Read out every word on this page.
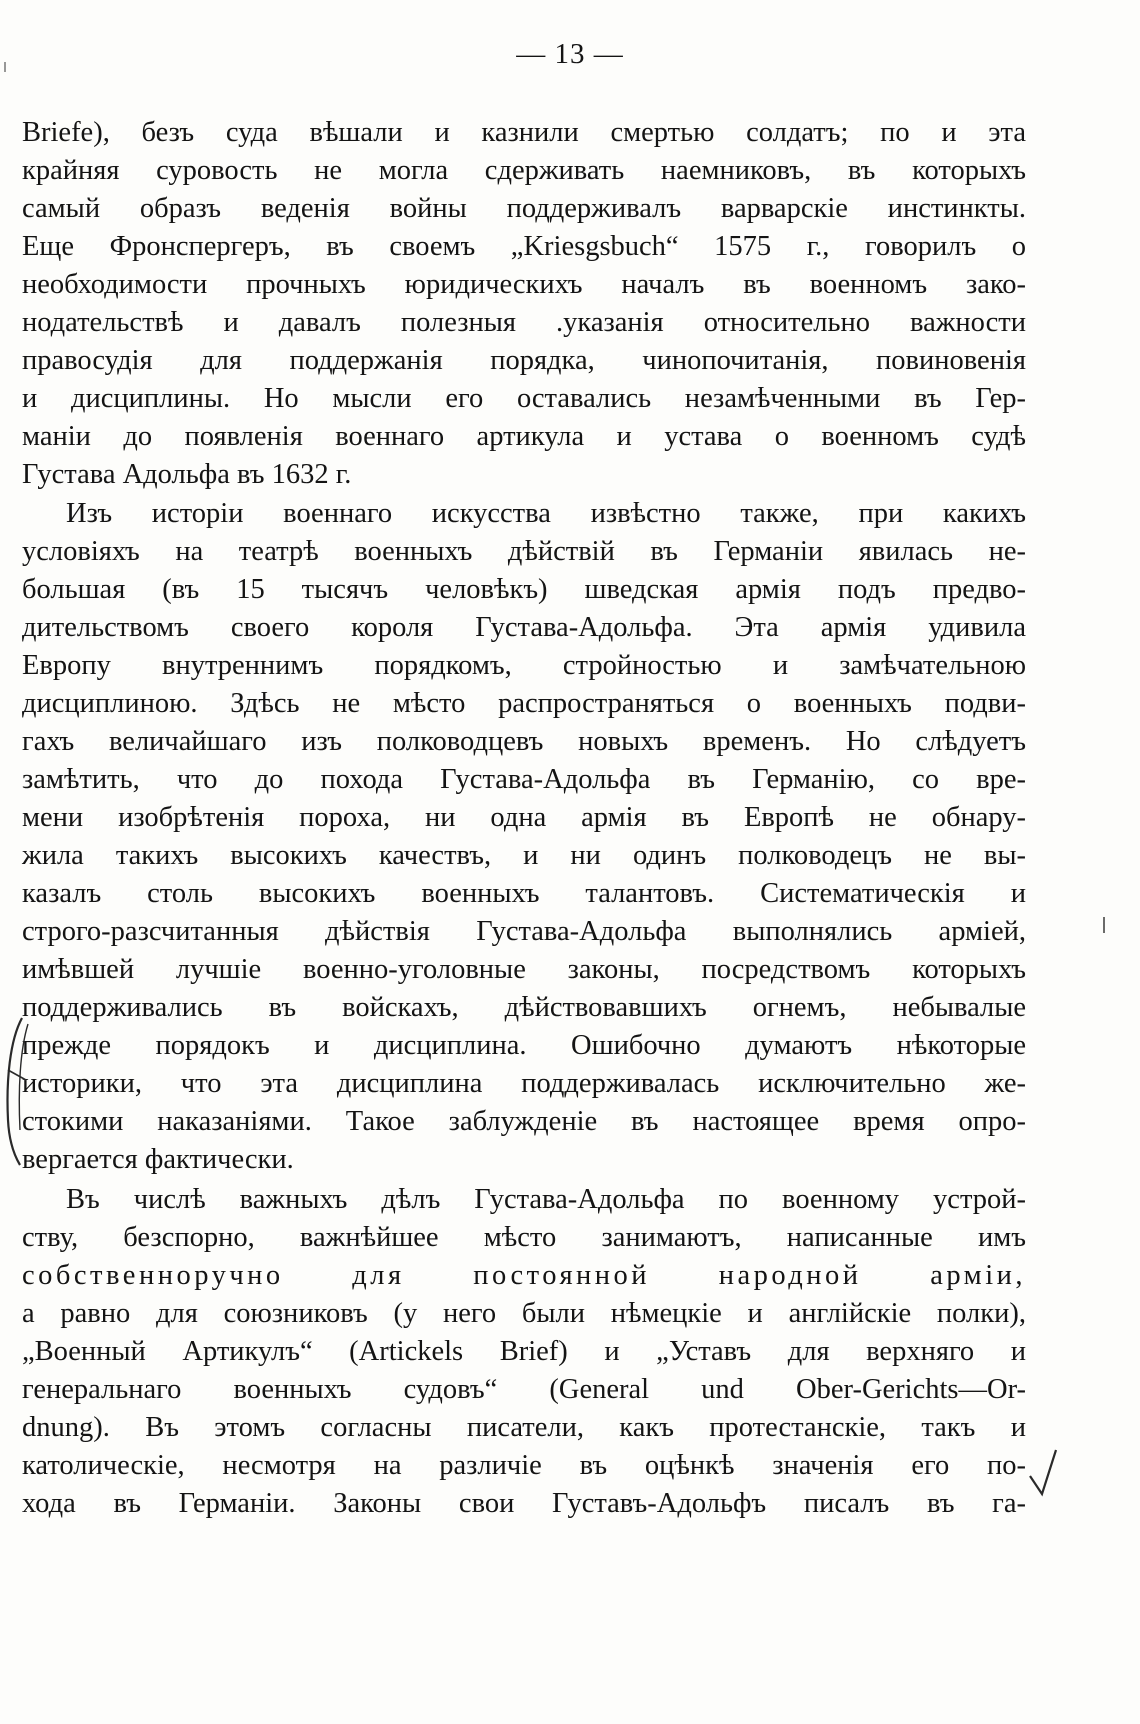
— 13 —
Briefe), безъ суда вѣшали и казнили смертью солдатъ; по и эта
крайняя суровость не могла сдерживать наемниковъ, въ которыхъ
самый образъ веденія войны поддерживалъ варварскіе инстинкты.
Еще Фронспергеръ, въ своемъ „Kriesgsbuch“ 1575 г., говорилъ о
необходимости прочныхъ юридическихъ началъ въ военномъ зако-
нодательствѣ и давалъ полезныя .указанія относительно важности
правосудія для поддержанія порядка, чинопочитанія, повиновенія
и дисциплины. Но мысли его оставались незамѣченными въ Гер-
маніи до появленія военнаго артикула и устава о военномъ судѣ
Густава Адольфа въ 1632 г.
Изъ исторіи военнаго искусства извѣстно также, при какихъ
условіяхъ на театрѣ военныхъ дѣйствій въ Германіи явилась не-
большая (въ 15 тысячъ человѣкъ) шведская армія подъ предво-
дительствомъ своего короля Густава-Адольфа. Эта армія удивила
Европу внутреннимъ порядкомъ, стройностью и замѣчательною
дисциплиною. Здѣсь не мѣсто распространяться о военныхъ подви-
гахъ величайшаго изъ полководцевъ новыхъ временъ. Но слѣдуетъ
замѣтить, что до похода Густава-Адольфа въ Германію, со вре-
мени изобрѣтенія пороха, ни одна армія въ Европѣ не обнару-
жила такихъ высокихъ качествъ, и ни одинъ полководецъ не вы-
казалъ столь высокихъ военныхъ талантовъ. Систематическія и
строго-разсчитанныя дѣйствія Густава-Адольфа выполнялись арміей,
имѣвшей лучшіе военно-уголовные законы, посредствомъ которыхъ
поддерживались въ войскахъ, дѣйствовавшихъ огнемъ, небывалые
прежде порядокъ и дисциплина. Ошибочно думаютъ нѣкоторые
историки, что эта дисциплина поддерживалась исключительно же-
стокими наказаніями. Такое заблужденіе въ настоящее время опро-
вергается фактически.
Въ числѣ важныхъ дѣлъ Густава-Адольфа по военному устрой-
ству, безспорно, важнѣйшее мѣсто занимаютъ, написанные имъ
собственноручно для постоянной народной арміи,
а равно для союзниковъ (у него были нѣмецкіе и англійскіе полки),
„Военный Артикулъ“ (Artickels Brief) и „Уставъ для верхняго и
генеральнаго военныхъ судовъ“ (General und Ober-Gerichts—Or-
dnung). Въ этомъ согласны писатели, какъ протестанскіе, такъ и
католическіе, несмотря на различіе въ оцѣнкѣ значенія его по-
хода въ Германіи. Законы свои Густавъ-Адольфъ писалъ въ га-
